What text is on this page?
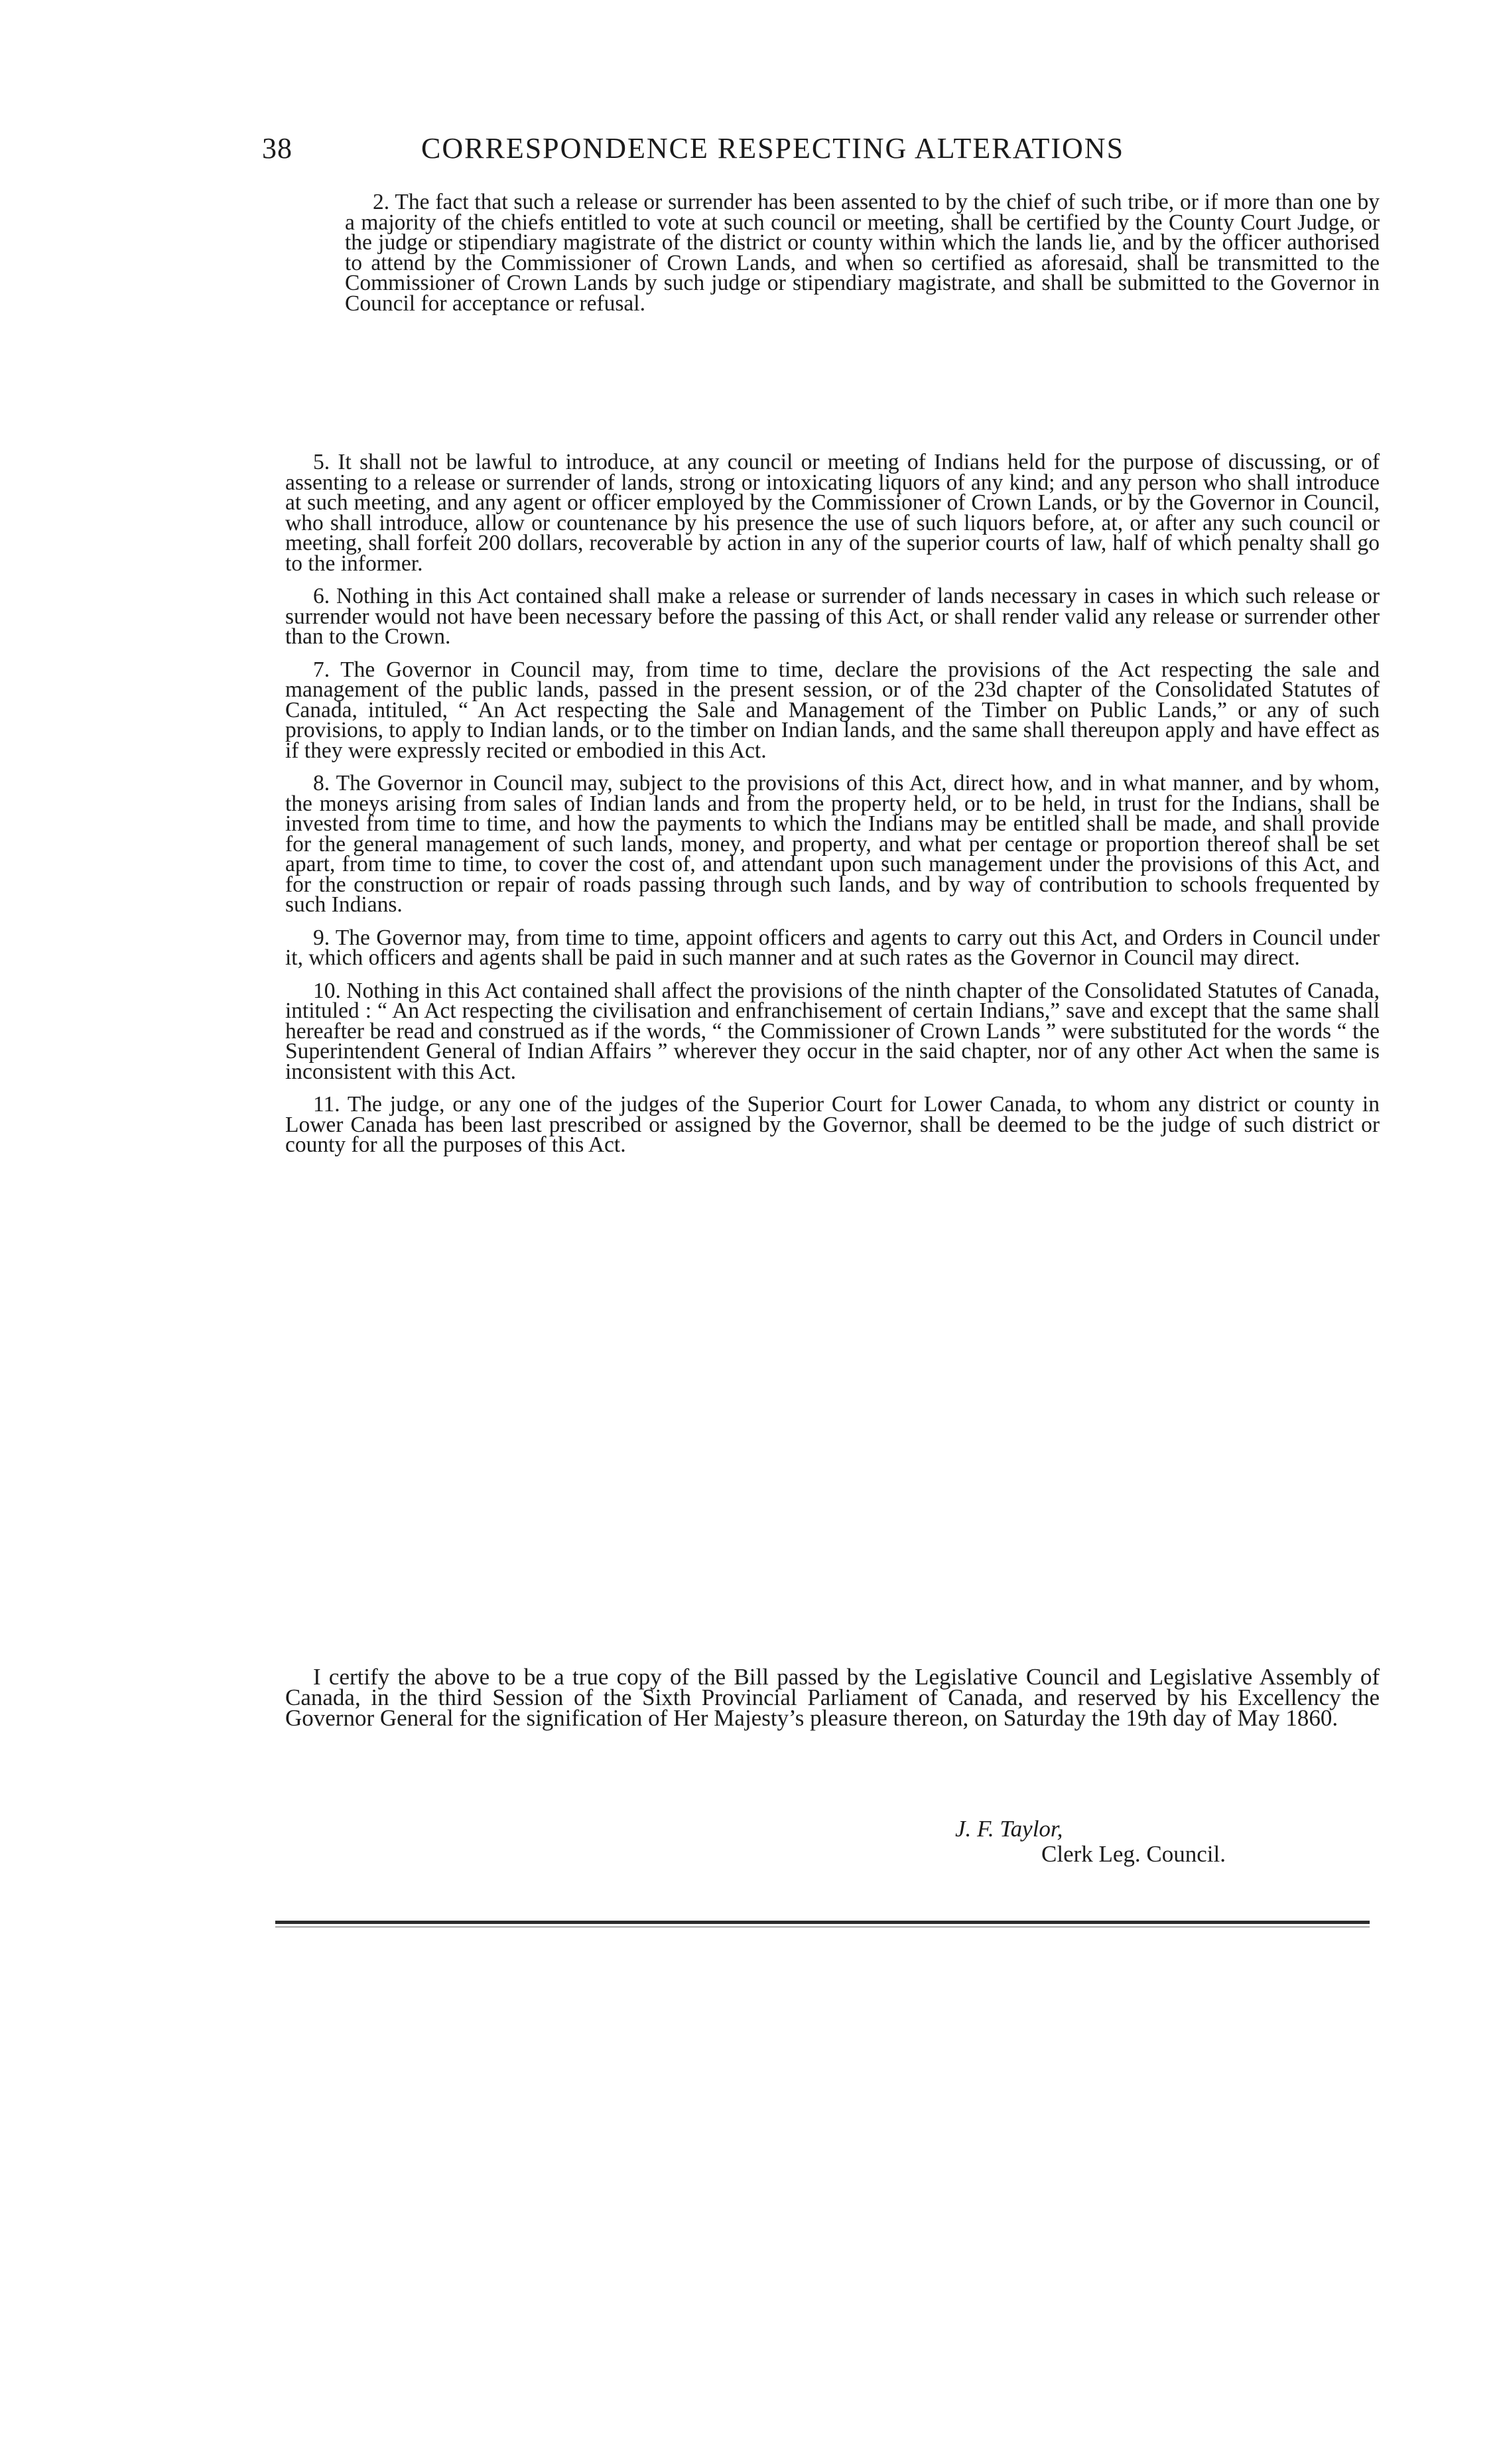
38	CORRESPONDENCE RESPECTING ALTERATIONS

2. The fact that such a release or surrender has been assented to by the chief of such tribe, or if more than one by a majority of the chiefs entitled to vote at such council or meeting, shall be certified by the County Court Judge, or the judge or stipendiary magistrate of the district or county within which the lands lie, and by the officer authorised to attend by the Commissioner of Crown Lands, and when so certified as aforesaid, shall be transmitted to the Commissioner of Crown Lands by such judge or stipendiary magistrate, and shall be submitted to the Governor in Council for acceptance or refusal.

5. It shall not be lawful to introduce, at any council or meeting of Indians held for the purpose of discussing, or of assenting to a release or surrender of lands, strong or intoxicating liquors of any kind; and any person who shall introduce at such meeting, and any agent or officer employed by the Commissioner of Crown Lands, or by the Governor in Council, who shall introduce, allow or countenance by his presence the use of such liquors before, at, or after any such council or meeting, shall forfeit 200 dollars, recoverable by action in any of the superior courts of law, half of which penalty shall go to the informer.

6. Nothing in this Act contained shall make a release or surrender of lands necessary in cases in which such release or surrender would not have been necessary before the passing of this Act, or shall render valid any release or surrender other than to the Crown.

7. The Governor in Council may, from time to time, declare the provisions of the Act respecting the sale and management of the public lands, passed in the present session, or of the 23d chapter of the Consolidated Statutes of Canada, intituled, “ An Act respecting the Sale and Management of the Timber on Public Lands,” or any of such provisions, to apply to Indian lands, or to the timber on Indian lands, and the same shall thereupon apply and have effect as if they were expressly recited or embodied in this Act.

8. The Governor in Council may, subject to the provisions of this Act, direct how, and in what manner, and by whom, the moneys arising from sales of Indian lands and from the property held, or to be held, in trust for the Indians, shall be invested from time to time, and how the payments to which the Indians may be entitled shall be made, and shall provide for the general management of such lands, money, and property, and what per centage or proportion thereof shall be set apart, from time to time, to cover the cost of, and attendant upon such management under the provisions of this Act, and for the construction or repair of roads passing through such lands, and by way of contribution to schools frequented by such Indians.

9. The Governor may, from time to time, appoint officers and agents to carry out this Act, and Orders in Council under it, which officers and agents shall be paid in such manner and at such rates as the Governor in Council may direct.

10. Nothing in this Act contained shall affect the provisions of the ninth chapter of the Consolidated Statutes of Canada, intituled : “ An Act respecting the civilisation and enfranchisement of certain Indians,” save and except that the same shall hereafter be read and construed as if the words, “ the Commissioner of Crown Lands ” were substituted for the words “ the Superintendent General of Indian Affairs ” wherever they occur in the said chapter, nor of any other Act when the same is inconsistent with this Act.

11. The judge, or any one of the judges of the Superior Court for Lower Canada, to whom any district or county in Lower Canada has been last prescribed or assigned by the Governor, shall be deemed to be the judge of such district or county for all the purposes of this Act.

I certify the above to be a true copy of the Bill passed by the Legislative Council and Legislative Assembly of Canada, in the third Session of the Sixth Provincial Parliament of Canada, and reserved by his Excellency the Governor General for the signification of Her Majesty’s pleasure thereon, on Saturday the 19th day of May 1860.

J. F. Taylor,
Clerk Leg. Council.
